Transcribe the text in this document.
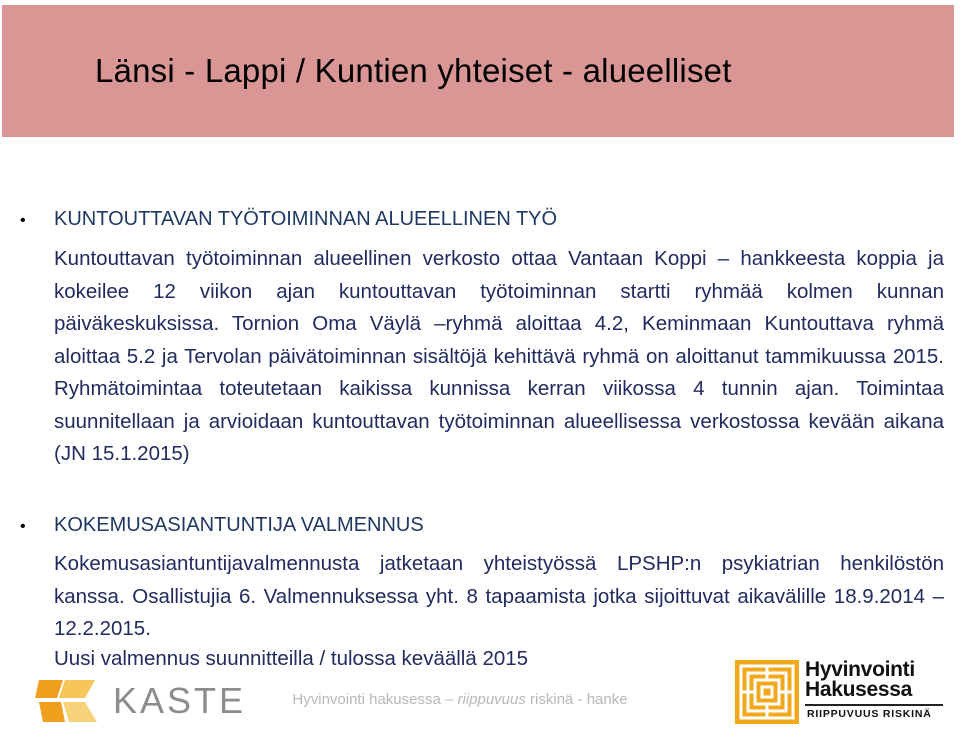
Länsi - Lappi / Kuntien yhteiset - alueelliset
• KUNTOUTTAVAN TYÖTOIMINNAN ALUEELLINEN TYÖ
Kuntouttavan työtoiminnan alueellinen verkosto ottaa Vantaan Koppi – hankkeesta koppia ja kokeilee 12 viikon ajan kuntouttavan työtoiminnan startti ryhmää kolmen kunnan päiväkeskuksissa. Tornion Oma Väylä –ryhmä aloittaa 4.2, Keminmaan Kuntouttava ryhmä aloittaa 5.2 ja Tervolan päivätoiminnan sisältöjä kehittävä ryhmä on aloittanut tammikuussa 2015. Ryhmätoimintaa toteutetaan kaikissa kunnissa kerran viikossa 4 tunnin ajan. Toimintaa suunnitellaan ja arvioidaan kuntouttavan työtoiminnan alueellisessa verkostossa kevään aikana (JN 15.1.2015)
• KOKEMUSASIANTUNTIJA VALMENNUS
Kokemusasiantuntijavalmennusta jatketaan yhteistyössä LPSHP:n psykiatrian henkilöstön kanssa. Osallistujia 6. Valmennuksessa yht. 8 tapaamista jotka sijoittuvat aikavälille 18.9.2014 – 12.2.2015.
Uusi valmennus suunnitteilla / tulossa keväällä 2015
KASTE	Hyvinvointi hakusessa – riippuvuus riskinä - hanke
Hyvinvointi
Hakusessa
RIIPPUVUUS RISKINÄ
